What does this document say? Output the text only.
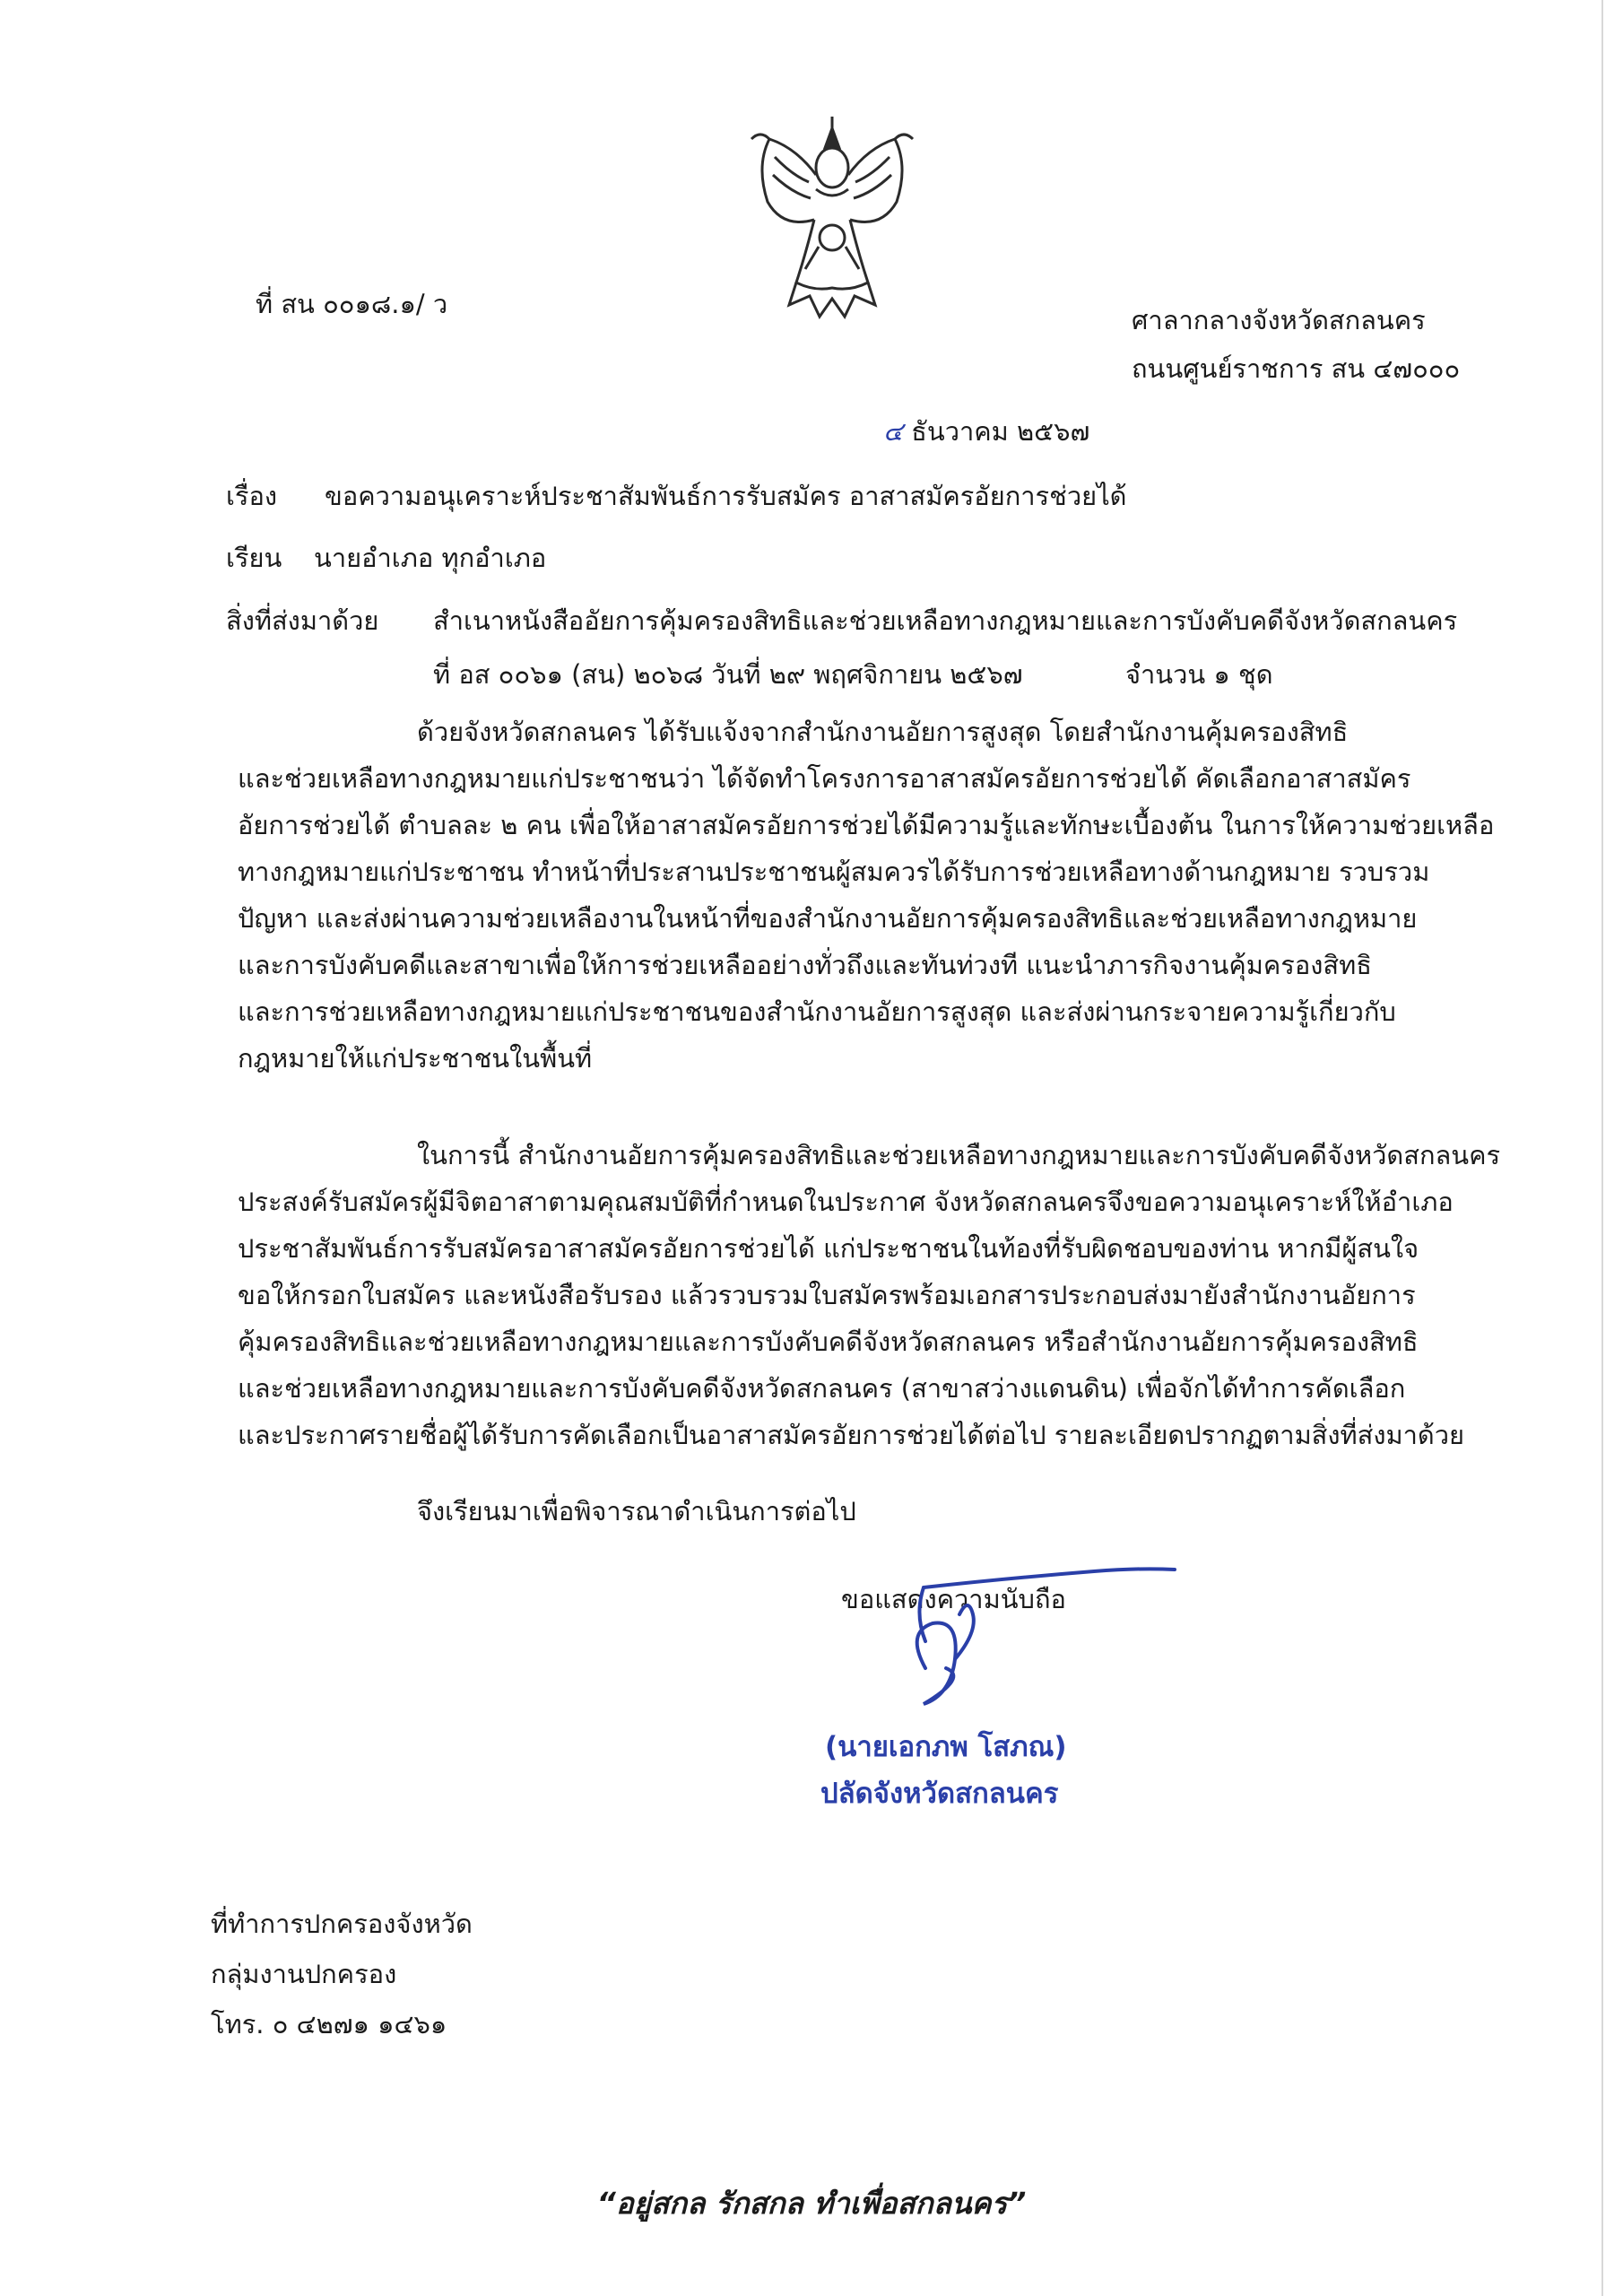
ที่ สน ๐๐๑๘.๑/ ว
ศาลากลางจังหวัดสกลนคร
ถนนศูนย์ราชการ สน ๔๗๐๐๐
๔ ธันวาคม ๒๕๖๗
เรื่อง ขอความอนุเคราะห์ประชาสัมพันธ์การรับสมัคร อาสาสมัครอัยการช่วยได้
เรียน นายอำเภอ ทุกอำเภอ
สิ่งที่ส่งมาด้วย สำเนาหนังสืออัยการคุ้มครองสิทธิและช่วยเหลือทางกฎหมายและการบังคับคดีจังหวัดสกลนคร
ที่ อส ๐๐๖๑ (สน) ๒๐๖๘ วันที่ ๒๙ พฤศจิกายน ๒๕๖๗	จำนวน ๑ ชุด
ด้วยจังหวัดสกลนคร ได้รับแจ้งจากสำนักงานอัยการสูงสุด โดยสำนักงานคุ้มครองสิทธิ
และช่วยเหลือทางกฎหมายแก่ประชาชนว่า ได้จัดทำโครงการอาสาสมัครอัยการช่วยได้ คัดเลือกอาสาสมัคร
อัยการช่วยได้ ตำบลละ ๒ คน เพื่อให้อาสาสมัครอัยการช่วยได้มีความรู้และทักษะเบื้องต้น ในการให้ความช่วยเหลือ
ทางกฎหมายแก่ประชาชน ทำหน้าที่ประสานประชาชนผู้สมควรได้รับการช่วยเหลือทางด้านกฎหมาย รวบรวม
ปัญหา และส่งผ่านความช่วยเหลืองานในหน้าที่ของสำนักงานอัยการคุ้มครองสิทธิและช่วยเหลือทางกฎหมาย
และการบังคับคดีและสาขาเพื่อให้การช่วยเหลืออย่างทั่วถึงและทันท่วงที แนะนำภารกิจงานคุ้มครองสิทธิ
และการช่วยเหลือทางกฎหมายแก่ประชาชนของสำนักงานอัยการสูงสุด และส่งผ่านกระจายความรู้เกี่ยวกับ
กฎหมายให้แก่ประชาชนในพื้นที่
ในการนี้ สำนักงานอัยการคุ้มครองสิทธิและช่วยเหลือทางกฎหมายและการบังคับคดีจังหวัดสกลนคร
ประสงค์รับสมัครผู้มีจิตอาสาตามคุณสมบัติที่กำหนดในประกาศ จังหวัดสกลนครจึงขอความอนุเคราะห์ให้อำเภอ
ประชาสัมพันธ์การรับสมัครอาสาสมัครอัยการช่วยได้ แก่ประชาชนในท้องที่รับผิดชอบของท่าน หากมีผู้สนใจ
ขอให้กรอกใบสมัคร และหนังสือรับรอง แล้วรวบรวมใบสมัครพร้อมเอกสารประกอบส่งมายังสำนักงานอัยการ
คุ้มครองสิทธิและช่วยเหลือทางกฎหมายและการบังคับคดีจังหวัดสกลนคร หรือสำนักงานอัยการคุ้มครองสิทธิ
และช่วยเหลือทางกฎหมายและการบังคับคดีจังหวัดสกลนคร (สาขาสว่างแดนดิน) เพื่อจักได้ทำการคัดเลือก
และประกาศรายชื่อผู้ได้รับการคัดเลือกเป็นอาสาสมัครอัยการช่วยได้ต่อไป รายละเอียดปรากฏตามสิ่งที่ส่งมาด้วย
จึงเรียนมาเพื่อพิจารณาดำเนินการต่อไป
ขอแสดงความนับถือ
(นายเอกภพ โสภณ)
ปลัดจังหวัดสกลนคร
ที่ทำการปกครองจังหวัด
กลุ่มงานปกครอง
โทร. ๐ ๔๒๗๑ ๑๔๖๑
“อยู่สกล รักสกล ทำเพื่อสกลนคร”
